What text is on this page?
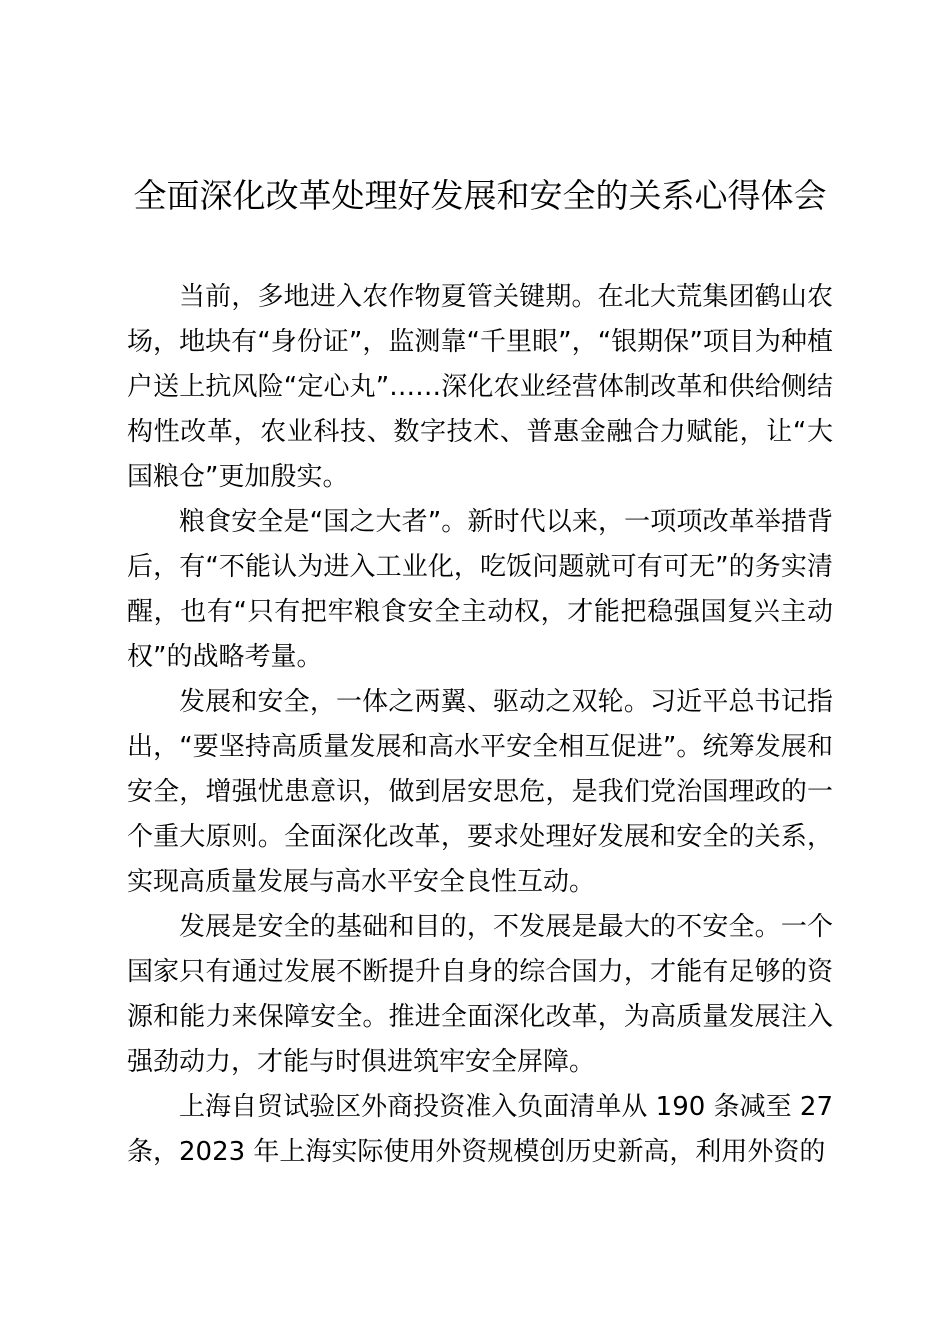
全面深化改革处理好发展和安全的关系心得体会

当前，多地进入农作物夏管关键期。在北大荒集团鹤山农场，地块有“身份证”，监测靠“千里眼”，“银期保”项目为种植户送上抗风险“定心丸”……深化农业经营体制改革和供给侧结构性改革，农业科技、数字技术、普惠金融合力赋能，让“大国粮仓”更加殷实。

粮食安全是“国之大者”。新时代以来，一项项改革举措背后，有“不能认为进入工业化，吃饭问题就可有可无”的务实清醒，也有“只有把牢粮食安全主动权，才能把稳强国复兴主动权”的战略考量。

发展和安全，一体之两翼、驱动之双轮。习近平总书记指出，“要坚持高质量发展和高水平安全相互促进”。统筹发展和安全，增强忧患意识，做到居安思危，是我们党治国理政的一个重大原则。全面深化改革，要求处理好发展和安全的关系，实现高质量发展与高水平安全良性互动。

发展是安全的基础和目的，不发展是最大的不安全。一个国家只有通过发展不断提升自身的综合国力，才能有足够的资源和能力来保障安全。推进全面深化改革，为高质量发展注入强劲动力，才能与时俱进筑牢安全屏障。

上海自贸试验区外商投资准入负面清单从 190 条减至 27 条，2023 年上海实际使用外资规模创历史新高，利用外资的
